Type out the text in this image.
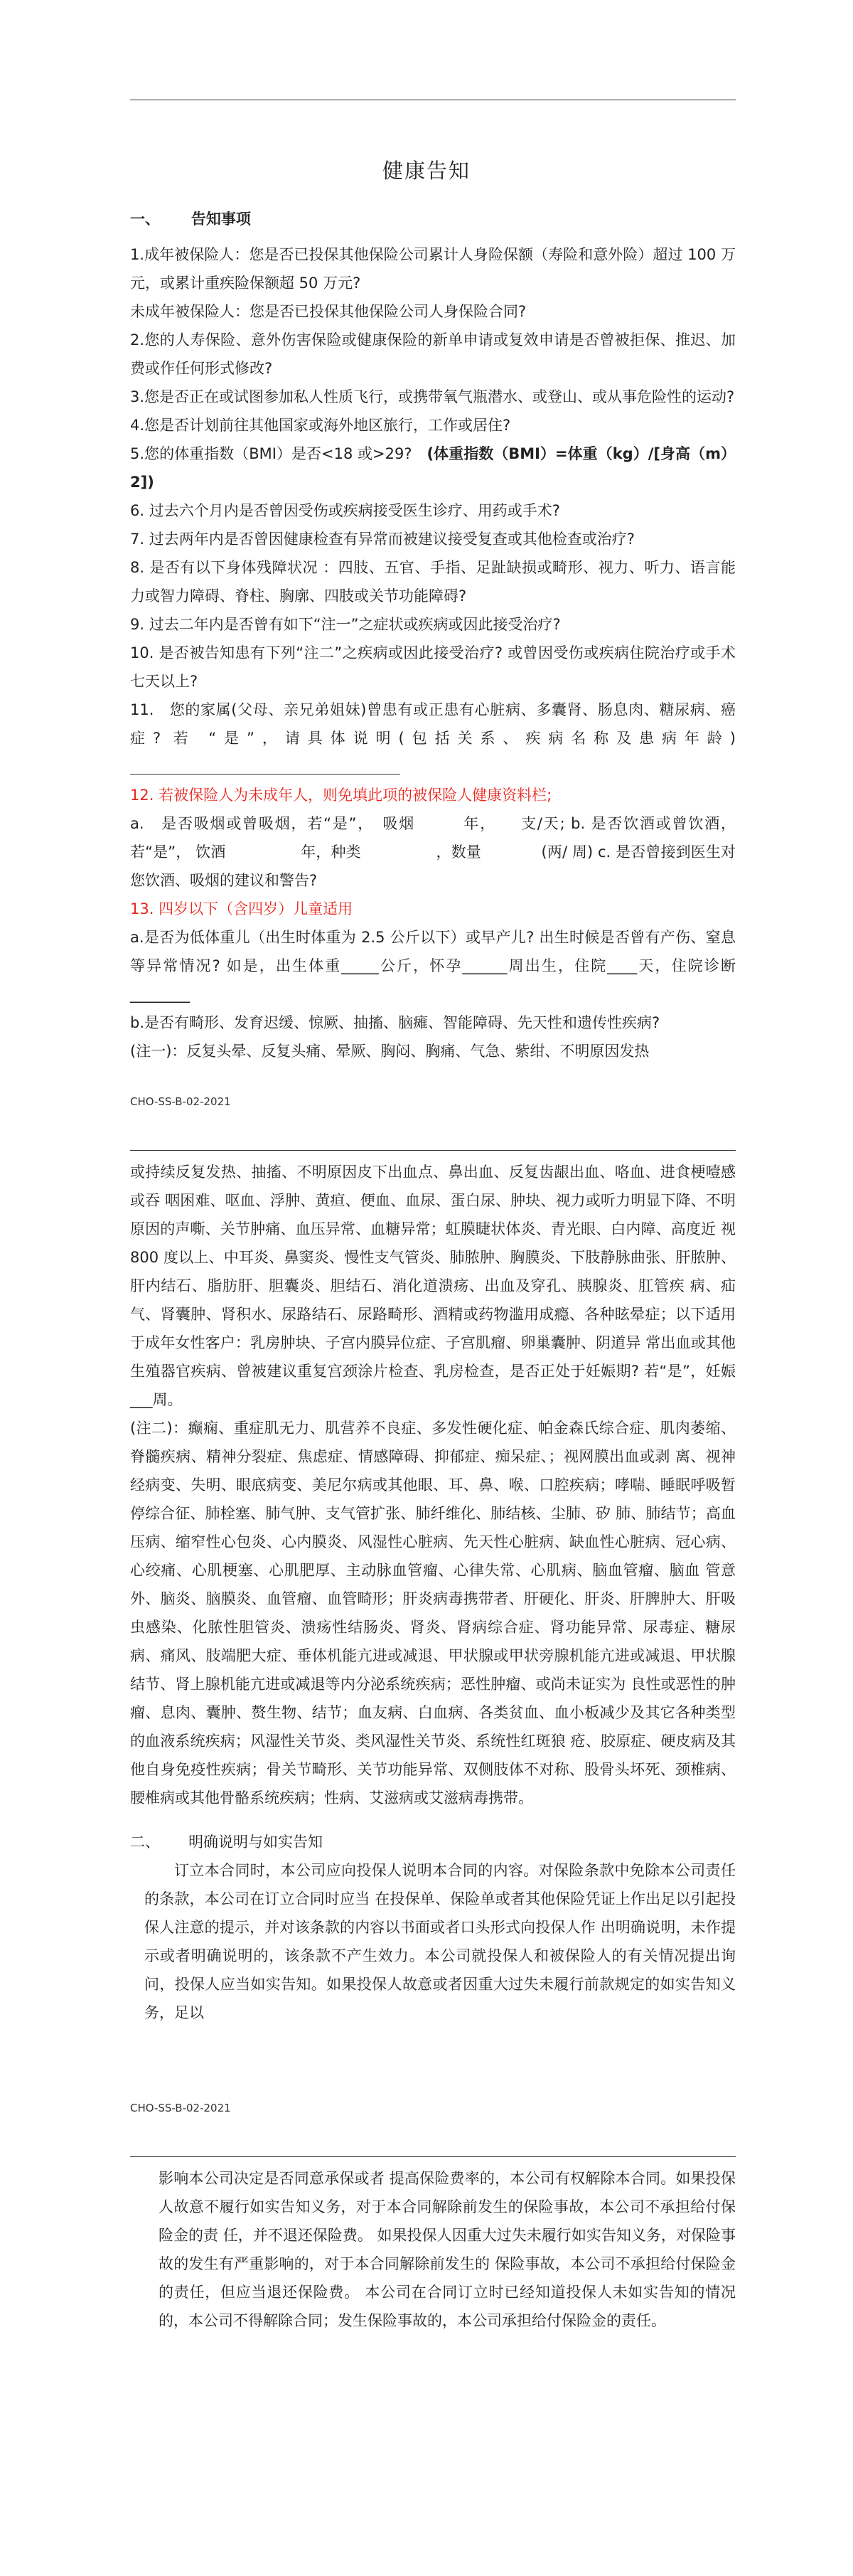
健康告知
一、 告知事项

1.成年被保险人：您是否已投保其他保险公司累计人身险保额（寿险和意外险）超过 100 万元，或累计重疾险保额超 50 万元?

未成年被保险人：您是否已投保其他保险公司人身保险合同?

2.您的人寿保险、意外伤害保险或健康保险的新单申请或复效申请是否曾被拒保、推迟、加费或作任何形式修改?

3.您是否正在或试图参加私人性质飞行，或携带氧气瓶潜水、或登山、或从事危险性的运动?

4.您是否计划前往其他国家或海外地区旅行，工作或居住?

5.您的体重指数（BMI）是否<18 或>29?　(体重指数（BMI）=体重（kg）/[身高（m）2])

6. 过去六个月内是否曾因受伤或疾病接受医生诊疗、用药或手术?

7. 过去两年内是否曾因健康检查有异常而被建议接受复查或其他检查或治疗?

8. 是否有以下身体残障状况 ：四肢、五官、手指、足趾缺损或畸形、视力、听力、语言能力或智力障碍、脊柱、胸廓、四肢或关节功能障碍?

9. 过去二年内是否曾有如下“注一”之症状或疾病或因此接受治疗?

10. 是否被告知患有下列“注二”之疾病或因此接受治疗? 或曾因受伤或疾病住院治疗或手术七天以上?

11.　您的家属(父母、亲兄弟姐妹)曾患有或正患有心脏病、多囊肾、肠息肉、糖尿病、癌症? 若 “是”，请具体说明(包括关系、疾病名称及患病年龄)

12. 若被保险人为未成年人，则免填此项的被保险人健康资料栏;

a.　是否吸烟或曾吸烟，若“是”，　吸烟　　　年，　　支/天; b. 是否饮酒或曾饮酒，若“是”， 饮酒　　　　　年，种类　　　　　，数量　　　　(两/ 周) c. 是否曾接到医生对您饮酒、吸烟的建议和警告?

13. 四岁以下（含四岁）儿童适用

a.是否为低体重儿（出生时体重为 2.5 公斤以下）或早产儿? 出生时候是否曾有产伤、窒息等异常情况? 如是，出生体重_____公斤，怀孕______周出生，住院____天，住院诊断________

b.是否有畸形、发育迟缓、惊厥、抽搐、脑瘫、智能障碍、先天性和遗传性疾病?

(注一)：反复头晕、反复头痛、晕厥、胸闷、胸痛、气急、紫绀、不明原因发热

CHO-SS-B-02-2021

或持续反复发热、抽搐、不明原因皮下出血点、鼻出血、反复齿龈出血、咯血、进食梗噎感或吞 咽困难、呕血、浮肿、黄疸、便血、血尿、蛋白尿、肿块、视力或听力明显下降、不明原因的声嘶、关节肿痛、血压异常、血糖异常；虹膜睫状体炎、青光眼、白内障、高度近 视 800 度以上、中耳炎、鼻窦炎、慢性支气管炎、肺脓肿、胸膜炎、下肢静脉曲张、肝脓肿、肝内结石、脂肪肝、胆囊炎、胆结石、消化道溃疡、出血及穿孔、胰腺炎、肛管疾 病、疝气、肾囊肿、肾积水、尿路结石、尿路畸形、酒精或药物滥用成瘾、各种眩晕症；以下适用于成年女性客户：乳房肿块、子宫内膜异位症、子宫肌瘤、卵巢囊肿、阴道异 常出血或其他生殖器官疾病、曾被建议重复宫颈涂片检查、乳房检查，是否正处于妊娠期? 若“是”，妊娠___周。

(注二)：癫痫、重症肌无力、肌营养不良症、多发性硬化症、帕金森氏综合症、肌肉萎缩、脊髓疾病、精神分裂症、焦虑症、情感障碍、抑郁症、痴呆症、；视网膜出血或剥 离、视神经病变、失明、眼底病变、美尼尔病或其他眼、耳、鼻、喉、口腔疾病；哮喘、睡眠呼吸暂停综合征、肺栓塞、肺气肿、支气管扩张、肺纤维化、肺结核、尘肺、矽 肺、肺结节；高血压病、缩窄性心包炎、心内膜炎、风湿性心脏病、先天性心脏病、缺血性心脏病、冠心病、心绞痛、心肌梗塞、心肌肥厚、主动脉血管瘤、心律失常、心肌病、脑血管瘤、脑血 管意外、脑炎、脑膜炎、血管瘤、血管畸形；肝炎病毒携带者、肝硬化、肝炎、肝脾肿大、肝吸虫感染、化脓性胆管炎、溃疡性结肠炎、肾炎、肾病综合症、肾功能异常、尿毒症、糖尿病、痛风、肢端肥大症、垂体机能亢进或减退、甲状腺或甲状旁腺机能亢进或减退、甲状腺结节、肾上腺机能亢进或减退等内分泌系统疾病；恶性肿瘤、或尚未证实为 良性或恶性的肿瘤、息肉、囊肿、赘生物、结节；血友病、白血病、各类贫血、血小板减少及其它各种类型的血液系统疾病；风湿性关节炎、类风湿性关节炎、系统性红斑狼 疮、胶原症、硬皮病及其他自身免疫性疾病；骨关节畸形、关节功能异常、双侧肢体不对称、股骨头坏死、颈椎病、腰椎病或其他骨骼系统疾病；性病、艾滋病或艾滋病毒携带。

二、 明确说明与如实告知

订立本合同时，本公司应向投保人说明本合同的内容。对保险条款中免除本公司责任的条款，本公司在订立合同时应当 在投保单、保险单或者其他保险凭证上作出足以引起投保人注意的提示，并对该条款的内容以书面或者口头形式向投保人作 出明确说明，未作提示或者明确说明的，该条款不产生效力。本公司就投保人和被保险人的有关情况提出询问，投保人应当如实告知。如果投保人故意或者因重大过失未履行前款规定的如实告知义务，足以

CHO-SS-B-02-2021

影响本公司决定是否同意承保或者 提高保险费率的，本公司有权解除本合同。如果投保人故意不履行如实告知义务，对于本合同解除前发生的保险事故，本公司不承担给付保险金的责 任，并不退还保险费。 如果投保人因重大过失未履行如实告知义务，对保险事故的发生有严重影响的，对于本合同解除前发生的 保险事故，本公司不承担给付保险金的责任，但应当退还保险费。 本公司在合同订立时已经知道投保人未如实告知的情况的，本公司不得解除合同；发生保险事故的，本公司承担给付保险金的责任。
